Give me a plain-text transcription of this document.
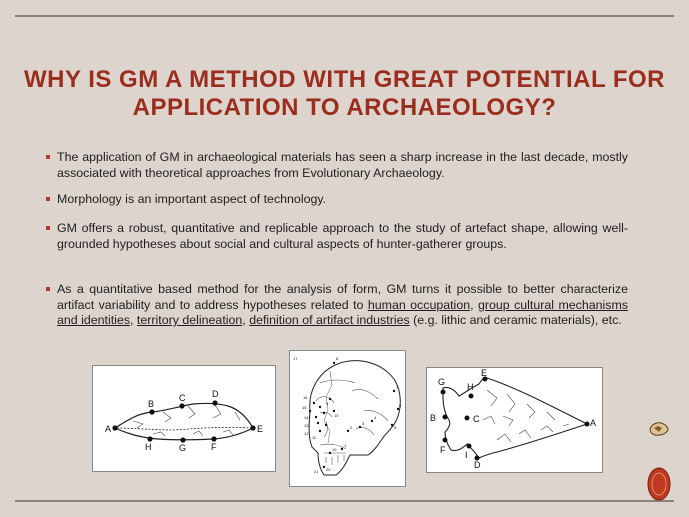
WHY IS GM A METHOD WITH GREAT POTENTIAL FOR
APPLICATION TO ARCHAEOLOGY?
The application of GM in archaeological materials has seen a sharp increase in the last decade, mostly associated with theoretical approaches from Evolutionary Archaeology.
Morphology is an important aspect of technology.
GM offers a robust, quantitative and replicable approach to the study of artefact shape, allowing well-grounded hypotheses about social and cultural aspects of hunter-gatherer groups.
As a quantitative based method for the analysis of form, GM turns it possible to better characterize artifact variability and to address hypotheses related to human occupation, group cultural mechanisms and identities, territory delineation, definition of artifact industries (e.g. lithic and ceramic materials), etc.
A
B
C	D
E
F
G
H
17
16
15
14
13
12
11
10
9
8
7
6
5
4
3
2
1
19
20
21
A
B	C
D
E
F
G H
I
